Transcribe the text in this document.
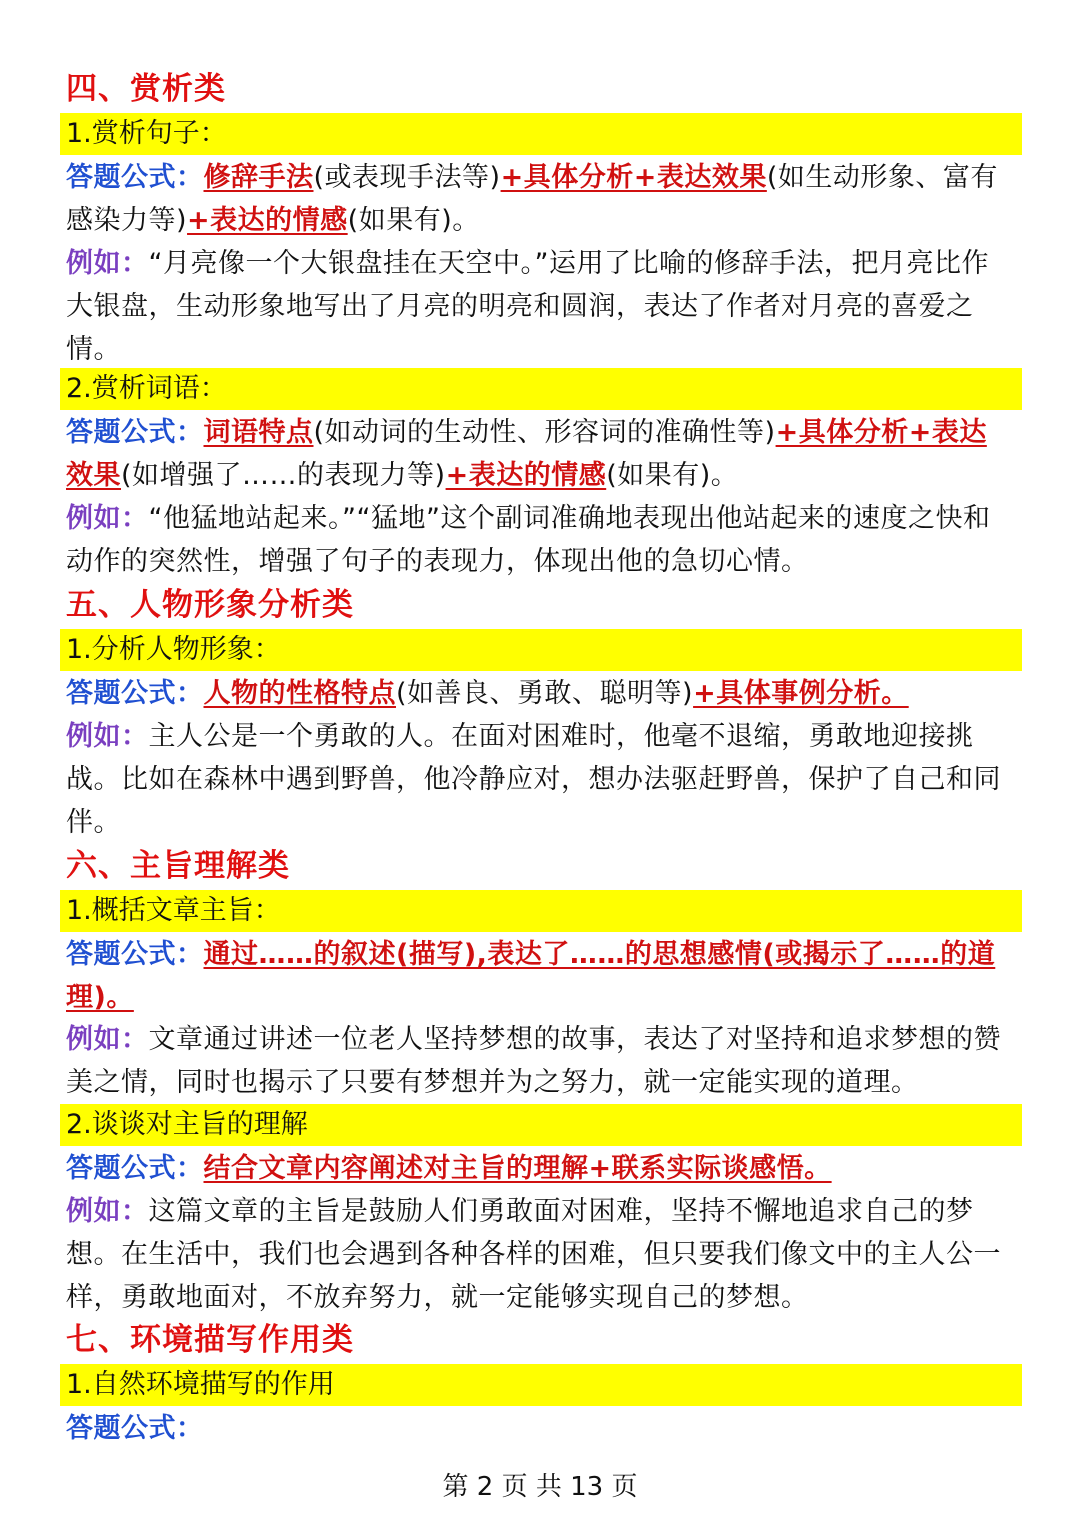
四、赏析类
1.赏析句子：
答题公式：修辞手法(或表现手法等)+具体分析+表达效果(如生动形象、富有感染力等)+表达的情感(如果有)。
例如：“月亮像一个大银盘挂在天空中。”运用了比喻的修辞手法，把月亮比作大银盘，生动形象地写出了月亮的明亮和圆润，表达了作者对月亮的喜爱之情。
2.赏析词语：
答题公式：词语特点(如动词的生动性、形容词的准确性等)+具体分析+表达效果(如增强了……的表现力等)+表达的情感(如果有)。
例如：“他猛地站起来。”“猛地”这个副词准确地表现出他站起来的速度之快和动作的突然性，增强了句子的表现力，体现出他的急切心情。
五、人物形象分析类
1.分析人物形象：
答题公式：人物的性格特点(如善良、勇敢、聪明等)+具体事例分析。
例如：主人公是一个勇敢的人。在面对困难时，他毫不退缩，勇敢地迎接挑战。比如在森林中遇到野兽，他冷静应对，想办法驱赶野兽，保护了自己和同伴。
六、主旨理解类
1.概括文章主旨：
答题公式：通过……的叙述(描写),表达了……的思想感情(或揭示了……的道理)。
例如：文章通过讲述一位老人坚持梦想的故事，表达了对坚持和追求梦想的赞美之情，同时也揭示了只要有梦想并为之努力，就一定能实现的道理。
2.谈谈对主旨的理解
答题公式：结合文章内容阐述对主旨的理解+联系实际谈感悟。
例如：这篇文章的主旨是鼓励人们勇敢面对困难，坚持不懈地追求自己的梦想。在生活中，我们也会遇到各种各样的困难，但只要我们像文中的主人公一样，勇敢地面对，不放弃努力，就一定能够实现自己的梦想。
七、环境描写作用类
1.自然环境描写的作用
答题公式：
第 2 页 共 13 页
